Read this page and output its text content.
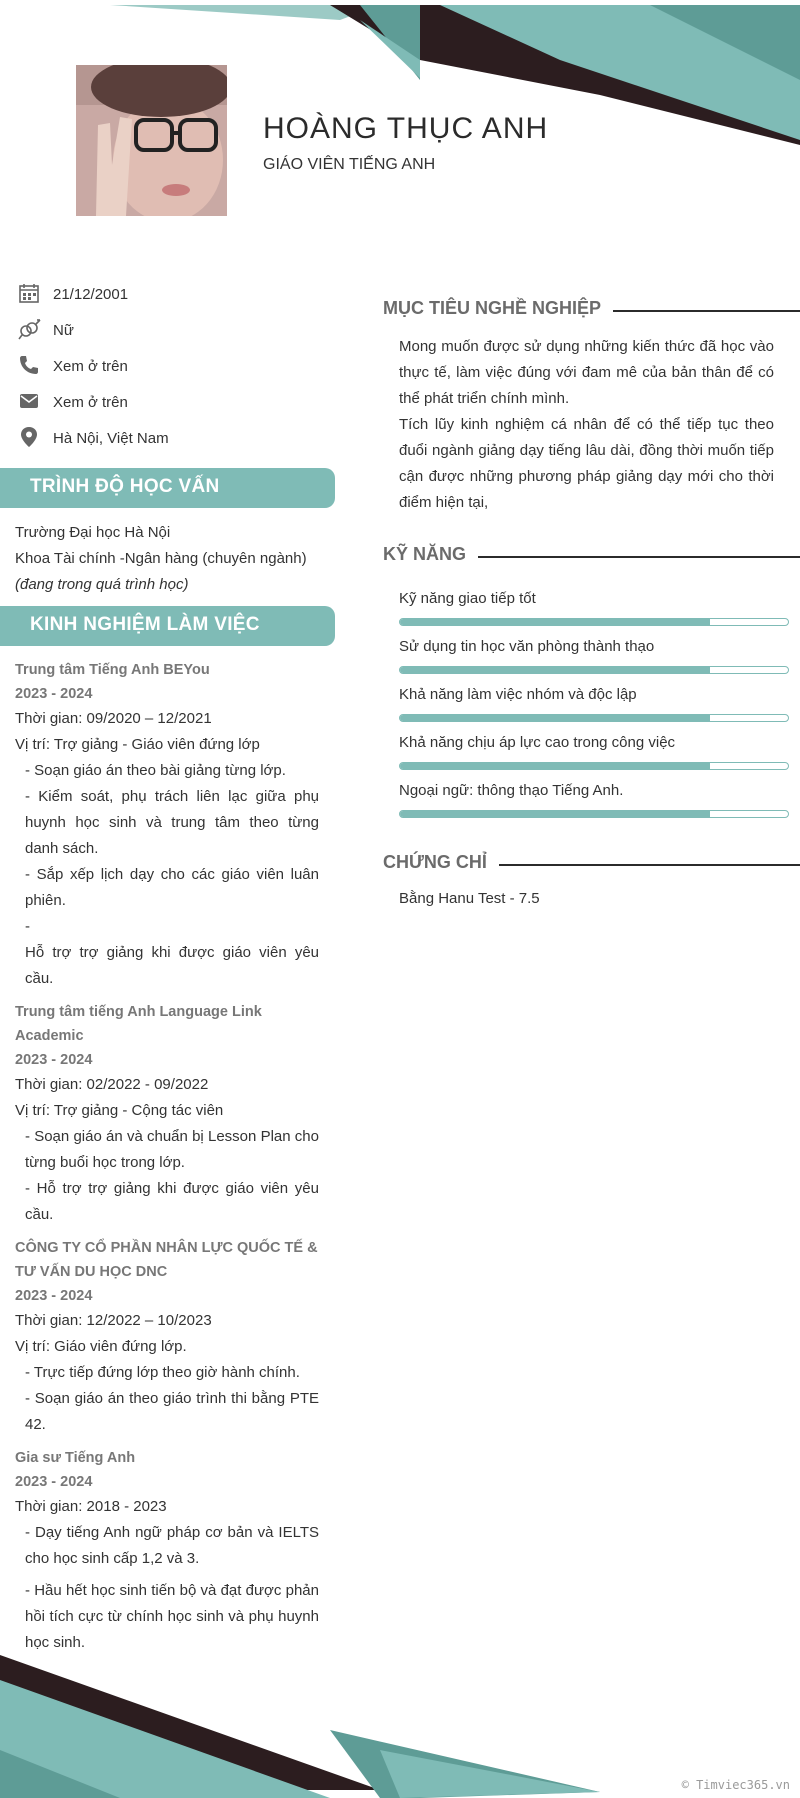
HOÀNG THỤC ANH
GIÁO VIÊN TIẾNG ANH
21/12/2001
Nữ
Xem ở trên
Xem ở trên
Hà Nội, Việt Nam
TRÌNH ĐỘ HỌC VẤN
Trường Đại học Hà Nội
Khoa Tài chính -Ngân hàng (chuyên ngành)
(đang trong quá trình học)
KINH NGHIỆM LÀM VIỆC
Trung tâm Tiếng Anh BEYou
2023 - 2024
Thời gian: 09/2020 – 12/2021
Vị trí: Trợ giảng - Giáo viên đứng lớp
- Soạn giáo án theo bài giảng từng lớp.
- Kiểm soát, phụ trách liên lạc giữa phụ huynh học sinh và trung tâm theo từng danh sách.
- Sắp xếp lịch dạy cho các giáo viên luân phiên.
-
Hỗ trợ trợ giảng khi được giáo viên yêu cầu.
Trung tâm tiếng Anh Language Link Academic
2023 - 2024
Thời gian: 02/2022 - 09/2022
Vị trí: Trợ giảng - Cộng tác viên
- Soạn giáo án và chuẩn bị Lesson Plan cho từng buổi học trong lớp.
- Hỗ trợ trợ giảng khi được giáo viên yêu cầu.
CÔNG TY CỔ PHẦN NHÂN LỰC QUỐC TẾ & TƯ VẤN DU HỌC DNC
2023 - 2024
Thời gian: 12/2022 – 10/2023
Vị trí: Giáo viên đứng lớp.
- Trực tiếp đứng lớp theo giờ hành chính.
- Soạn giáo án theo giáo trình thi bằng PTE 42.
Gia sư Tiếng Anh
2023 - 2024
Thời gian: 2018 - 2023
- Dạy tiếng Anh ngữ pháp cơ bản và IELTS cho học sinh cấp 1,2 và 3.
- Hầu hết học sinh tiến bộ và đạt được phản hồi tích cực từ chính học sinh và phụ huynh học sinh.
MỤC TIÊU NGHỀ NGHIỆP
Mong muốn được sử dụng những kiến thức đã học vào thực tế, làm việc đúng với đam mê của bản thân để có thể phát triển chính mình.
Tích lũy kinh nghiệm cá nhân để có thể tiếp tục theo đuổi ngành giảng dạy tiếng lâu dài, đồng thời muốn tiếp cận được những phương pháp giảng dạy mới cho thời điểm hiện tại,
KỸ NĂNG
Kỹ năng giao tiếp tốt
Sử dụng tin học văn phòng thành thạo
Khả năng làm việc nhóm và độc lập
Khả năng chịu áp lực cao trong công việc
Ngoại ngữ: thông thạo Tiếng Anh.
CHỨNG CHỈ
Bằng Hanu Test - 7.5
© Timviec365.vn
